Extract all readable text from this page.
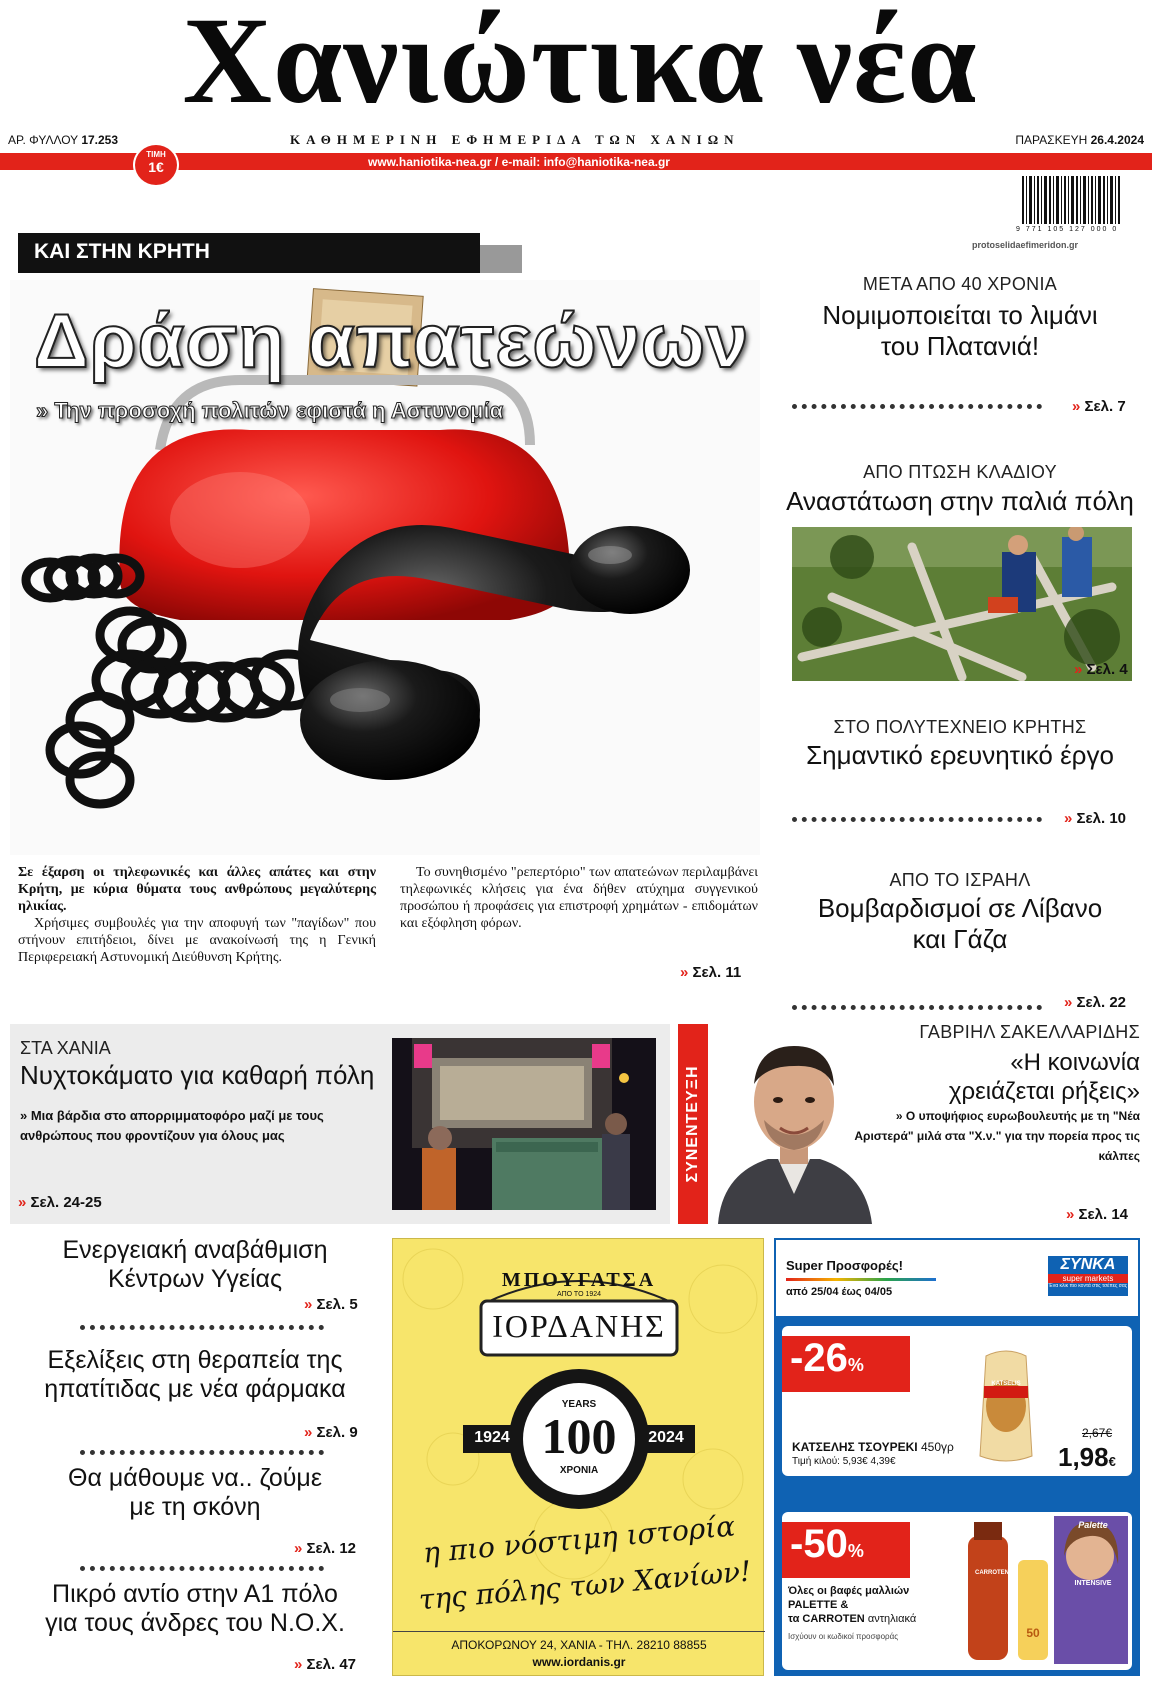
Χανιώτικα νέα
ΑΡ. ΦΥΛΛΟΥ 17.253	ΚΑΘΗΜΕΡΙΝΗ ΕΦΗΜΕΡΙΔΑ ΤΩΝ ΧΑΝΙΩΝ	ΠΑΡΑΣΚΕΥΗ 26.4.2024
www.haniotika-nea.gr / e-mail: info@haniotika-nea.gr
ΤΙΜΗ
1€
9 771 105 127 000 0
protoselidaefimeridon.gr
ΚΑΙ ΣΤΗΝ ΚΡΗΤΗ
Δράση απατεώνων
» Την προσοχή πολιτών εφιστά η Αστυνομία
Σε έξαρση οι τηλεφωνικές και άλλες απάτες και στην Κρήτη, με κύρια θύματα τους ανθρώπους μεγαλύτερης ηλικίας.
Χρήσιμες συμβουλές για την αποφυγή των "παγίδων" που στήνουν επιτήδειοι, δίνει με ανακοίνωσή της η Γενική Περιφερειακή Αστυνομική Διεύθυνση Κρήτης.
Το συνηθισμένο "ρεπερτόριο" των απατεώνων περιλαμβάνει τηλεφωνικές κλήσεις για ένα δήθεν ατύχημα συγγενικού προσώπου ή προφάσεις για επιστροφή χρημάτων - επιδομάτων και εξόφληση φόρων.
» Σελ. 11
ΜΕΤΑ ΑΠΟ 40 ΧΡΟΝΙΑ
Νομιμοποιείται το λιμάνι
του Πλατανιά!
» Σελ. 7
ΑΠΟ ΠΤΩΣΗ ΚΛΑΔΙΟΥ
Αναστάτωση στην παλιά πόλη
» Σελ. 4
ΣΤΟ ΠΟΛΥΤΕΧΝΕΙΟ ΚΡΗΤΗΣ
Σημαντικό ερευνητικό έργο
» Σελ. 10
ΑΠΟ ΤΟ ΙΣΡΑΗΛ
Βομβαρδισμοί σε Λίβανο
και Γάζα
» Σελ. 22
ΣΤΑ ΧΑΝΙΑ
Νυχτοκάματο για καθαρή πόλη
» Μια βάρδια στο απορριμματοφόρο μαζί με τους ανθρώπους που φροντίζουν για όλους μας
» Σελ. 24-25
ΣΥΝΕΝΤΕΥΞΗ
ΓΑΒΡΙΗΛ ΣΑΚΕΛΛΑΡΙΔΗΣ
«Η κοινωνία
χρειάζεται ρήξεις»
» Ο υποψήφιος ευρωβουλευτής με τη "Νέα Αριστερά" μιλά στα "Χ.ν." για την πορεία προς τις κάλπες
» Σελ. 14
Ενεργειακή αναβάθμιση
Κέντρων Υγείας
» Σελ. 5
Εξελίξεις στη θεραπεία της
ηπατίτιδας με νέα φάρμακα
» Σελ. 9
Θα μάθουμε να.. ζούμε
με τη σκόνη
» Σελ. 12
Πικρό αντίο στην Α1 πόλο
για τους άνδρες του Ν.Ο.Χ.
» Σελ. 47
ΜΠΟΥΓΑΤΣΑ
ΙΟΡΔΑΝΗΣ
ΑΠΟ ΤΟ 1924
YEARS
100
ΧΡΟΝΙΑ
1924	2024
η πιο νόστιμη ιστορία
της πόλης των Χανίων!
ΑΠΟΚΟΡΩΝΟΥ 24, ΧΑΝΙΑ - ΤΗΛ. 28210 88855
www.iordanis.gr
Super Προσφορές!
από 25/04 έως 04/05
ΣΥΝΚΑ
super markets
Ένα κλικ πιο κοντά στις τσέπες σας
-26%
KATSELIS
ΚΑΤΣΕΛΗΣ ΤΣΟΥΡΕΚΙ 450γρ
Τιμή κιλού: 5,93€ 4,39€
2,67€
1,98€
-50%
CARROTEN
50
Palette
INTENSIVE
Όλες οι βαφές μαλλιών
PALETTE &
τα CARROTEN αντηλιακά
Ισχύουν οι κωδικοί προσφοράς
